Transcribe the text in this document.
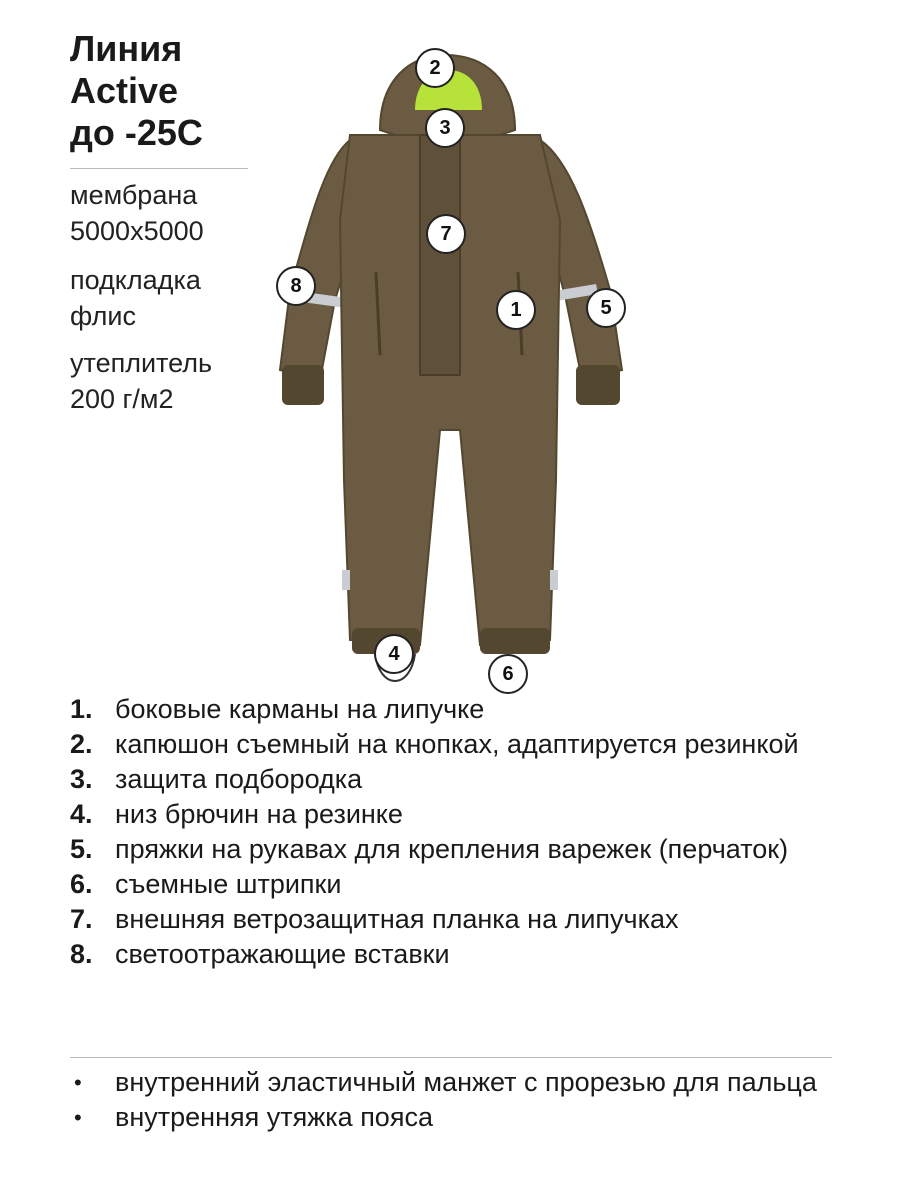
Линия
Active
до -25С
мембрана
5000х5000
подкладка
флис
утеплитель
200 г/м2
1
2
3
4
5
6
7
8
1. боковые карманы на липучке
2. капюшон съемный на кнопках, адаптируется резинкой
3. защита подбородка
4. низ брючин на резинке
5. пряжки на рукавах для крепления варежек (перчаток)
6. съемные штрипки
7. внешняя ветрозащитная планка на липучках
8. светоотражающие вставки
•	внутренний эластичный манжет с прорезью для пальца
•	внутренняя утяжка пояса
